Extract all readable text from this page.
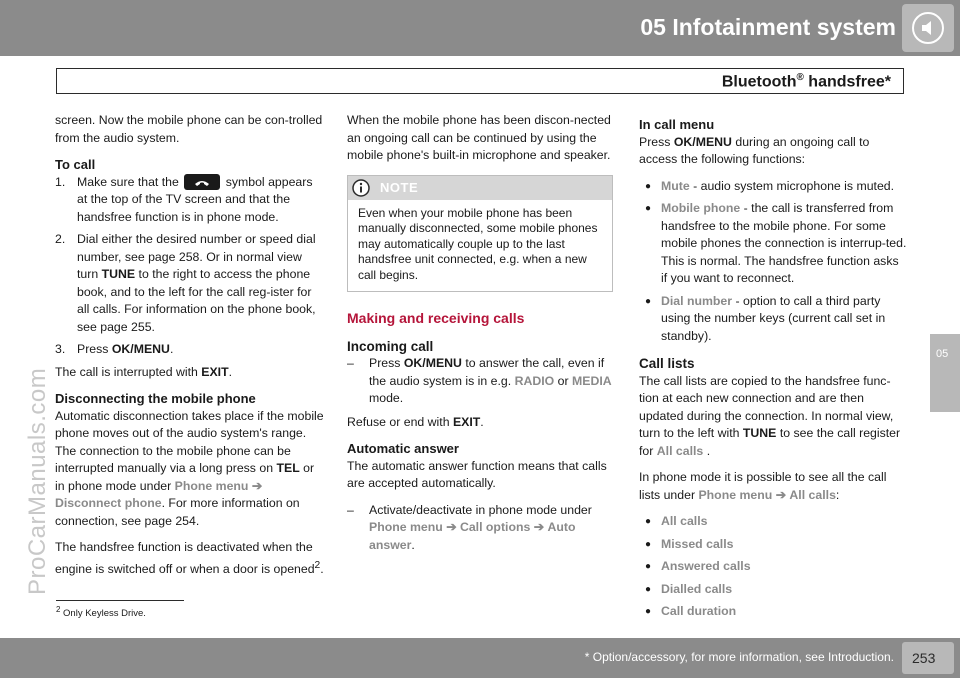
05 Infotainment system
Bluetooth® handsfree*
05
ProCarManuals.com

screen. Now the mobile phone can be con-trolled from the audio system.

To call
1. Make sure that the	symbol appears at the top of the TV screen and that the handsfree function is in phone mode.
2. Dial either the desired number or speed dial number, see page 258. Or in normal view turn TUNE to the right to access the phone book, and to the left for the call reg-ister for all calls. For information on the phone book, see page 255.
3. Press OK/MENU.

The call is interrupted with EXIT.

Disconnecting the mobile phone

Automatic disconnection takes place if the mobile phone moves out of the audio system's range. The connection to the mobile phone can be interrupted manually via a long press on TEL or in phone mode under Phone menu ➔ Disconnect phone. For more information on connection, see page 254.

The handsfree function is deactivated when the engine is switched off or when a door is opened$^2$.

When the mobile phone has been discon-nected an ongoing call can be continued by using the mobile phone's built-in microphone and speaker.

NOTE
Even when your mobile phone has been manually disconnected, some mobile phones may automatically couple up to the last handsfree unit connected, e.g. when a new call begins.
Making and receiving calls
Incoming call
–	Press OK/MENU to answer the call, even if the audio system is in e.g. RADIO or MEDIA mode.

Refuse or end with EXIT.

Automatic answer

The automatic answer function means that calls are accepted automatically.

–	Activate/deactivate in phone mode under Phone menu ➔ Call options ➔ Auto answer.
In call menu

Press OK/MENU during an ongoing call to access the following functions:

● Mute - audio system microphone is muted.
● Mobile phone - the call is transferred from handsfree to the mobile phone. For some mobile phones the connection is interrup-ted. This is normal. The handsfree function asks if you want to reconnect.
● Dial number - option to call a third party using the number keys (current call set in standby).
Call lists

The call lists are copied to the handsfree func-tion at each new connection and are then updated during the connection. In normal view, turn to the left with TUNE to see the call register for All calls .

In phone mode it is possible to see all the call lists under Phone menu ➔ All calls:

● All calls
● Missed calls
● Answered calls
● Dialled calls
● Call duration
$^2$ Only Keyless Drive.
* Option/accessory, for more information, see Introduction. 253
